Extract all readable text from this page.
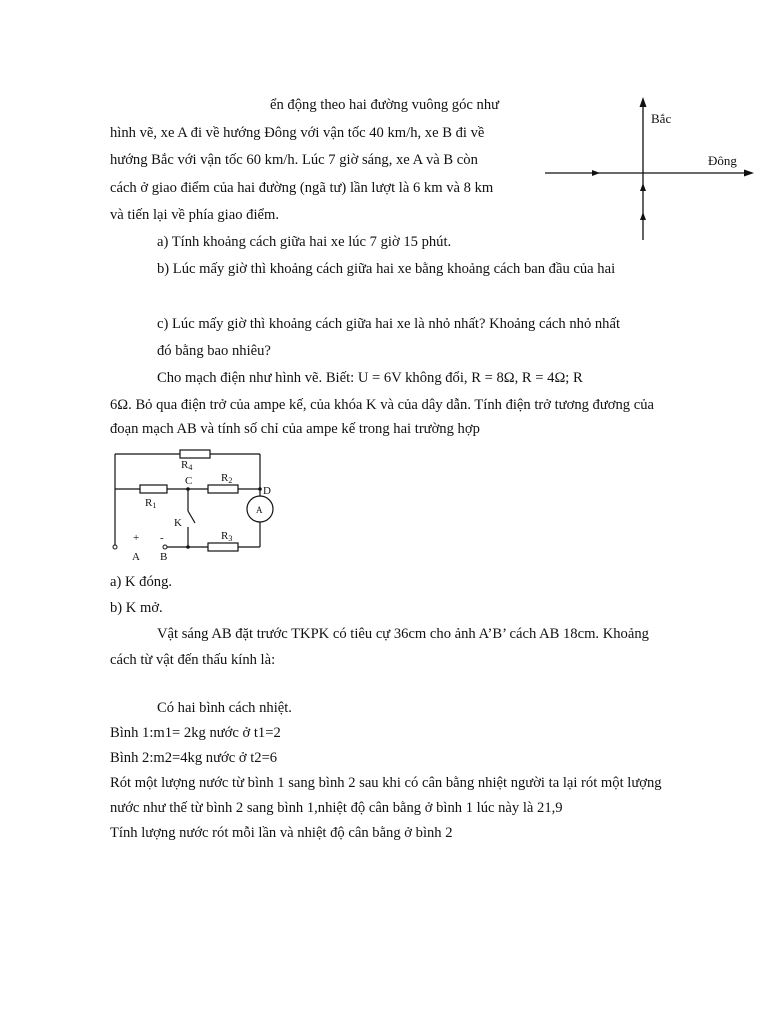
ển động theo hai đường vuông góc như
hình vẽ, xe A đi về hướng Đông với vận tốc 40 km/h, xe B đi về
hướng Bắc với vận tốc 60 km/h. Lúc 7 giờ sáng, xe A và B còn
cách ở giao điểm của hai đường (ngã tư) lần lượt là 6 km và 8 km
và tiến lại về phía giao điểm.
a) Tính khoảng cách giữa hai xe lúc 7 giờ 15 phút.
b) Lúc mấy giờ thì khoảng cách giữa hai xe bằng khoảng cách ban đầu của hai
c) Lúc mấy giờ thì khoảng cách giữa hai xe là nhỏ nhất? Khoảng cách nhỏ nhất
đó bằng bao nhiêu?
Bắc
Đông
Cho mạch điện như hình vẽ. Biết: U = 6V không đổi, R = 8Ω, R = 4Ω; R
6Ω. Bỏ qua điện trở của ampe kế, của khóa K và của dây dẫn. Tính điện trở tương đương của
đoạn mạch AB và tính số chỉ của ampe kế trong hai trường hợp
R4
R1
R2
R3
C
D
K
A
+ -
A B
a) K đóng.
b) K mở.
Vật sáng AB đặt trước TKPK có tiêu cự 36cm cho ảnh A’B’ cách AB 18cm. Khoảng
cách từ vật đến thấu kính là:
Có hai bình cách nhiệt.
Bình 1:m1= 2kg nước ở t1=2
Bình 2:m2=4kg nước ở t2=6
Rót một lượng nước từ bình 1 sang bình 2 sau khi có cân bằng nhiệt người ta lại rót một lượng
nước như thế từ bình 2 sang bình 1,nhiệt độ cân bằng ở bình 1 lúc này là 21,9
Tính lượng nước rót mỗi lần và nhiệt độ cân bằng ở bình 2
